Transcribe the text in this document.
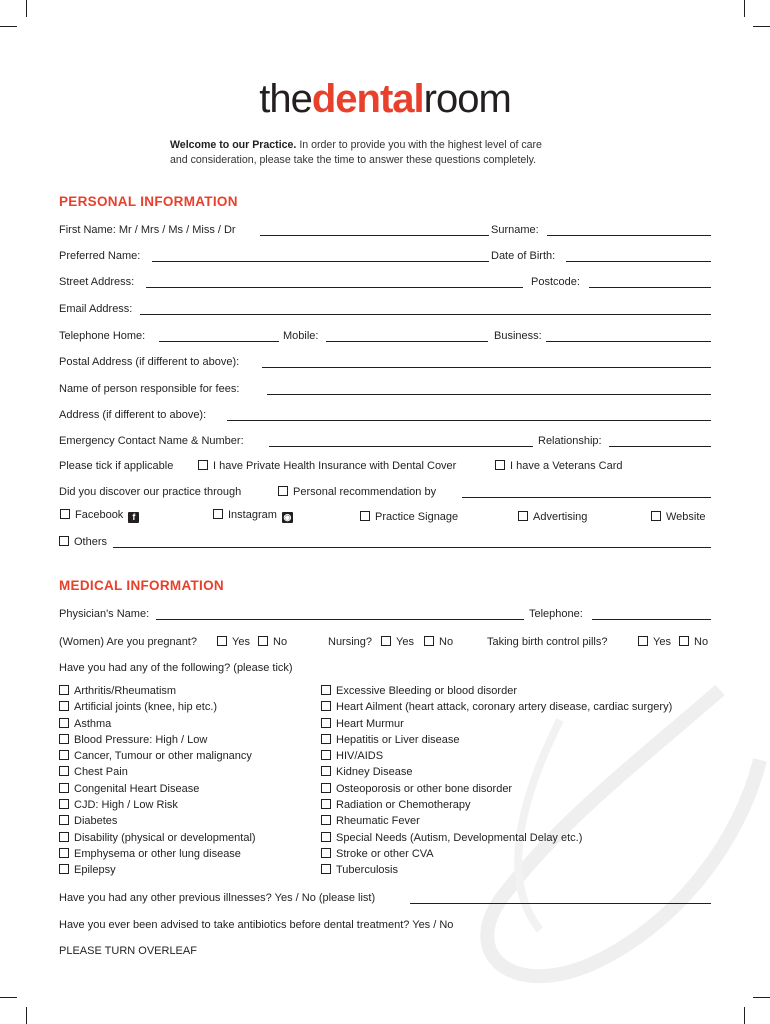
thedentalroom
Welcome to our Practice. In order to provide you with the highest level of care
and consideration, please take the time to answer these questions completely.
PERSONAL INFORMATION
First Name: Mr / Mrs / Ms / Miss / Dr	Surname:
Preferred Name:	Date of Birth:
Street Address:	Postcode:
Email Address:
Telephone Home:	Mobile:	Business:
Postal Address (if different to above):
Name of person responsible for fees:
Address (if different to above):
Emergency Contact Name & Number:	Relationship:
Please tick if applicable	I have Private Health Insurance with Dental Cover	I have a Veterans Card
Did you discover our practice through	Personal recommendation by
Facebook f	Instagram ◉	Practice Signage	Advertising	Website
Others
MEDICAL INFORMATION
Physician's Name:	Telephone:
(Women) Are you pregnant?	Yes	No	Nursing?	Yes	No	Taking birth control pills?	Yes	No
Have you had any of the following? (please tick)
Arthritis/Rheumatism
Artificial joints (knee, hip etc.)
Asthma
Blood Pressure: High / Low
Cancer, Tumour or other malignancy
Chest Pain
Congenital Heart Disease
CJD: High / Low Risk
Diabetes
Disability (physical or developmental)
Emphysema or other lung disease
Epilepsy
Excessive Bleeding or blood disorder
Heart Ailment (heart attack, coronary artery disease, cardiac surgery)
Heart Murmur
Hepatitis or Liver disease
HIV/AIDS
Kidney Disease
Osteoporosis or other bone disorder
Radiation or Chemotherapy
Rheumatic Fever
Special Needs (Autism, Developmental Delay etc.)
Stroke or other CVA
Tuberculosis
Have you had any other previous illnesses? Yes / No (please list)
Have you ever been advised to take antibiotics before dental treatment? Yes / No
PLEASE TURN OVERLEAF
